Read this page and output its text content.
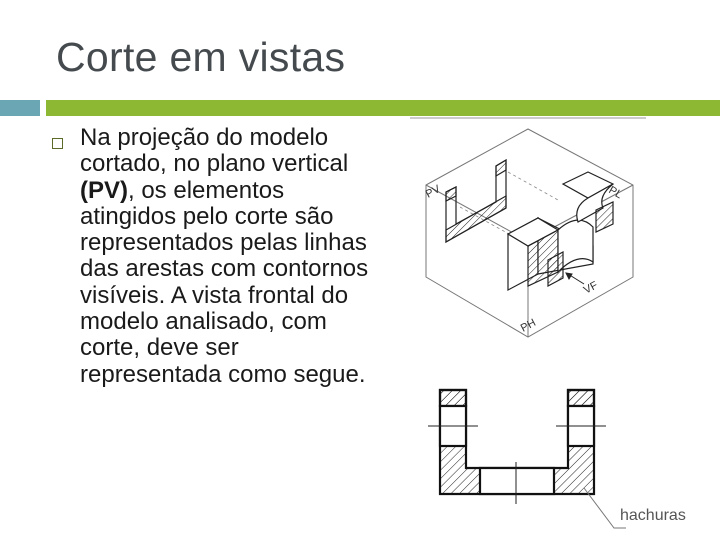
Corte em vistas
Na projeção do modelo cortado, no plano vertical (PV), os elementos atingidos pelo corte são representados pelas linhas das arestas com contornos visíveis. A vista frontal do modelo analisado, com corte, deve ser representada como segue.
PV	PL
VF
PH
hachuras
